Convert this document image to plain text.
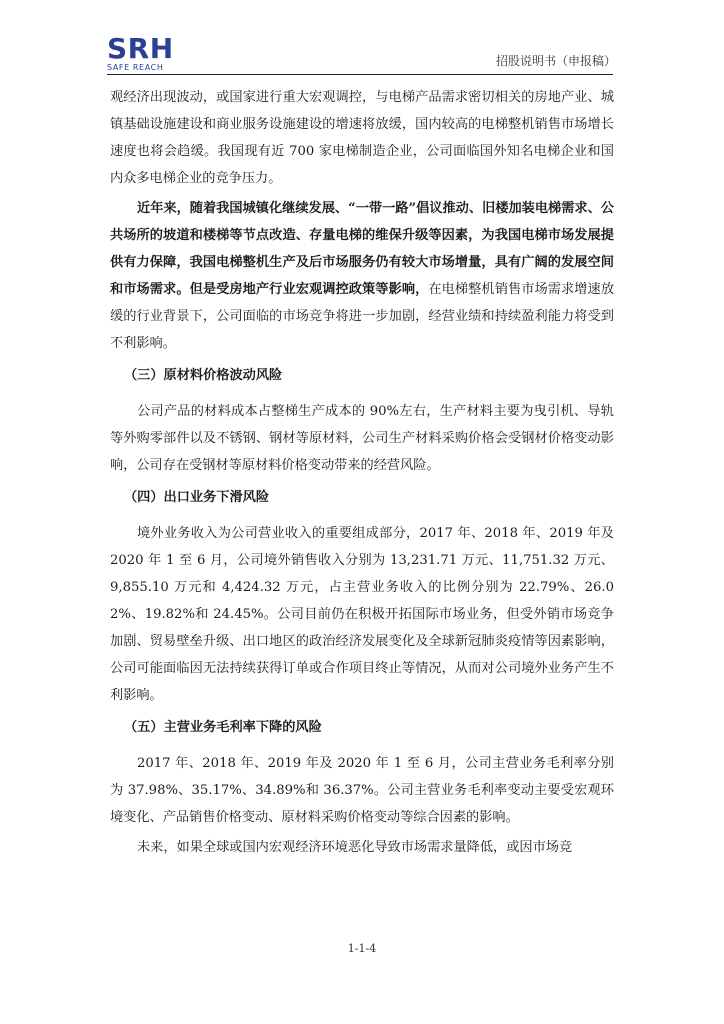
SRH
SAFE REACH	招股说明书（申报稿）

观经济出现波动，或国家进行重大宏观调控，与电梯产品需求密切相关的房地产业、城镇基础设施建设和商业服务设施建设的增速将放缓，国内较高的电梯整机销售市场增长速度也将会趋缓。我国现有近 700 家电梯制造企业，公司面临国外知名电梯企业和国内众多电梯企业的竞争压力。

近年来，随着我国城镇化继续发展、“一带一路”倡议推动、旧楼加装电梯需求、公共场所的坡道和楼梯等节点改造、存量电梯的维保升级等因素，为我国电梯市场发展提供有力保障，我国电梯整机生产及后市场服务仍有较大市场增量，具有广阔的发展空间和市场需求。但是受房地产行业宏观调控政策等影响，在电梯整机销售市场需求增速放缓的行业背景下，公司面临的市场竞争将进一步加剧，经营业绩和持续盈利能力将受到不利影响。

（三）原材料价格波动风险

公司产品的材料成本占整梯生产成本的 90%左右，生产材料主要为曳引机、导轨等外购零部件以及不锈钢、钢材等原材料，公司生产材料采购价格会受钢材价格变动影响，公司存在受钢材等原材料价格变动带来的经营风险。

（四）出口业务下滑风险

境外业务收入为公司营业收入的重要组成部分，2017 年、2018 年、2019 年及 2020 年 1 至 6 月，公司境外销售收入分别为 13,231.71 万元、11,751.32 万元、9,855.10 万元和 4,424.32 万元，占主营业务收入的比例分别为 22.79%、26.02%、19.82%和 24.45%。公司目前仍在积极开拓国际市场业务，但受外销市场竞争加剧、贸易壁垒升级、出口地区的政治经济发展变化及全球新冠肺炎疫情等因素影响，公司可能面临因无法持续获得订单或合作项目终止等情况，从而对公司境外业务产生不利影响。

（五）主营业务毛利率下降的风险

2017 年、2018 年、2019 年及 2020 年 1 至 6 月，公司主营业务毛利率分别为 37.98%、35.17%、34.89%和 36.37%。公司主营业务毛利率变动主要受宏观环境变化、产品销售价格变动、原材料采购价格变动等综合因素的影响。

未来，如果全球或国内宏观经济环境恶化导致市场需求量降低，或因市场竞

1-1-4
